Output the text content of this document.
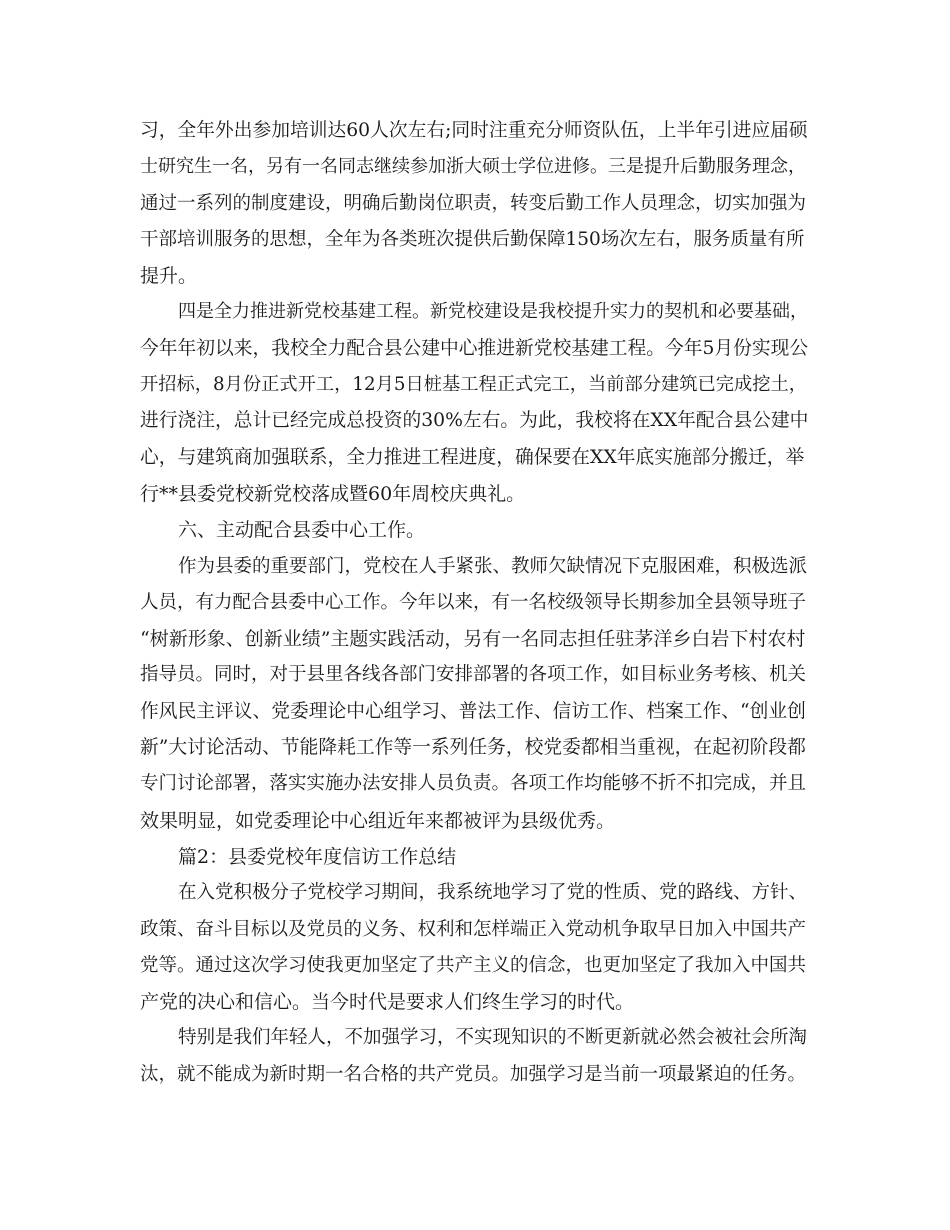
习，全年外出参加培训达60人次左右;同时注重充分师资队伍，上半年引进应届硕

士研究生一名，另有一名同志继续参加浙大硕士学位进修。三是提升后勤服务理念，

通过一系列的制度建设，明确后勤岗位职责，转变后勤工作人员理念，切实加强为

干部培训服务的思想，全年为各类班次提供后勤保障150场次左右，服务质量有所

提升。

四是全力推进新党校基建工程。新党校建设是我校提升实力的契机和必要基础，

今年年初以来，我校全力配合县公建中心推进新党校基建工程。今年5月份实现公

开招标，8月份正式开工，12月5日桩基工程正式完工，当前部分建筑已完成挖土，

进行浇注，总计已经完成总投资的30%左右。为此，我校将在XX年配合县公建中

心，与建筑商加强联系，全力推进工程进度，确保要在XX年底实施部分搬迁，举

行**县委党校新党校落成暨60年周校庆典礼。

六、主动配合县委中心工作。

作为县委的重要部门，党校在人手紧张、教师欠缺情况下克服困难，积极选派

人员，有力配合县委中心工作。今年以来，有一名校级领导长期参加全县领导班子

“树新形象、创新业绩”主题实践活动，另有一名同志担任驻茅洋乡白岩下村农村

指导员。同时，对于县里各线各部门安排部署的各项工作，如目标业务考核、机关

作风民主评议、党委理论中心组学习、普法工作、信访工作、档案工作、“创业创

新”大讨论活动、节能降耗工作等一系列任务，校党委都相当重视，在起初阶段都

专门讨论部署，落实实施办法安排人员负责。各项工作均能够不折不扣完成，并且

效果明显，如党委理论中心组近年来都被评为县级优秀。

篇2：县委党校年度信访工作总结

在入党积极分子党校学习期间，我系统地学习了党的性质、党的路线、方针、

政策、奋斗目标以及党员的义务、权利和怎样端正入党动机争取早日加入中国共产

党等。通过这次学习使我更加坚定了共产主义的信念，也更加坚定了我加入中国共

产党的决心和信心。当今时代是要求人们终生学习的时代。

特别是我们年轻人，不加强学习，不实现知识的不断更新就必然会被社会所淘

汰，就不能成为新时期一名合格的共产党员。加强学习是当前一项最紧迫的任务。
